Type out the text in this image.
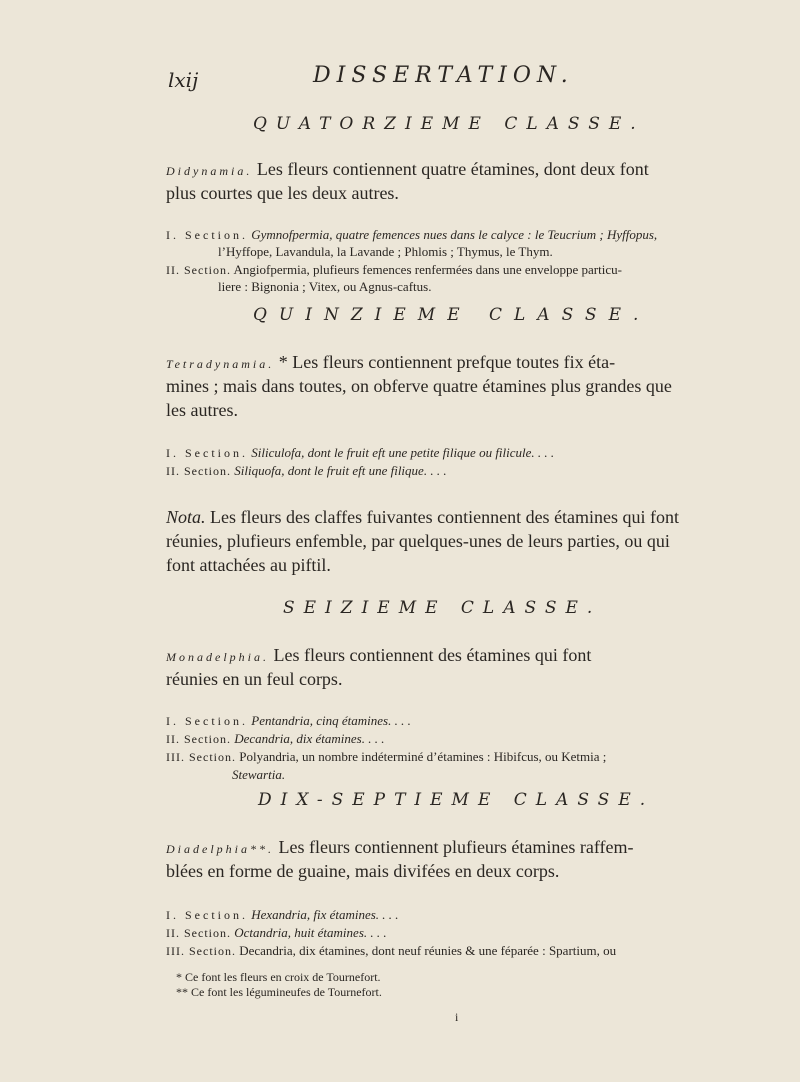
lxij	DISSERTATION.
QUATORZIEME CLASSE.
Didynamia. Les fleurs contiennent quatre étamines, dont deux font
plus courtes que les deux autres.
I. Section. Gymnofpermia, quatre femences nues dans le calyce : le Teucrium ; Hyffopus,
l’Hyffope, Lavandula, la Lavande ; Phlomis ; Thymus, le Thym.
II. Section. Angiofpermia, plufieurs femences renfermées dans une enveloppe particu-
liere : Bignonia ; Vitex, ou Agnus-caftus.
QUINZIEME CLASSE.
Tetradynamia. * Les fleurs contiennent prefque toutes fix éta-
mines ; mais dans toutes, on obferve quatre étamines plus grandes que
les autres.
I. Section. Siliculofa, dont le fruit eft une petite filique ou filicule. . . .
II. Section. Siliquofa, dont le fruit eft une filique. . . .
Nota. Les fleurs des claffes fuivantes contiennent des étamines qui font
réunies, plufieurs enfemble, par quelques-unes de leurs parties, ou qui
font attachées au piftil.
SEIZIEME CLASSE.
Monadelphia. Les fleurs contiennent des étamines qui font
réunies en un feul corps.
I. Section. Pentandria, cinq étamines. . . .
II. Section. Decandria, dix étamines. . . .
III. Section. Polyandria, un nombre indéterminé d’étamines : Hibifcus, ou Ketmia ;
Stewartia.
DIX-SEPTIEME CLASSE.
Diadelphia**. Les fleurs contiennent plufieurs étamines raffem-
blées en forme de guaine, mais divifées en deux corps.
I. Section. Hexandria, fix étamines. . . .
II. Section. Octandria, huit étamines. . . .
III. Section. Decandria, dix étamines, dont neuf réunies & une féparée : Spartium, ou
* Ce font les fleurs en croix de Tournefort.
** Ce font les légumineufes de Tournefort.
i
